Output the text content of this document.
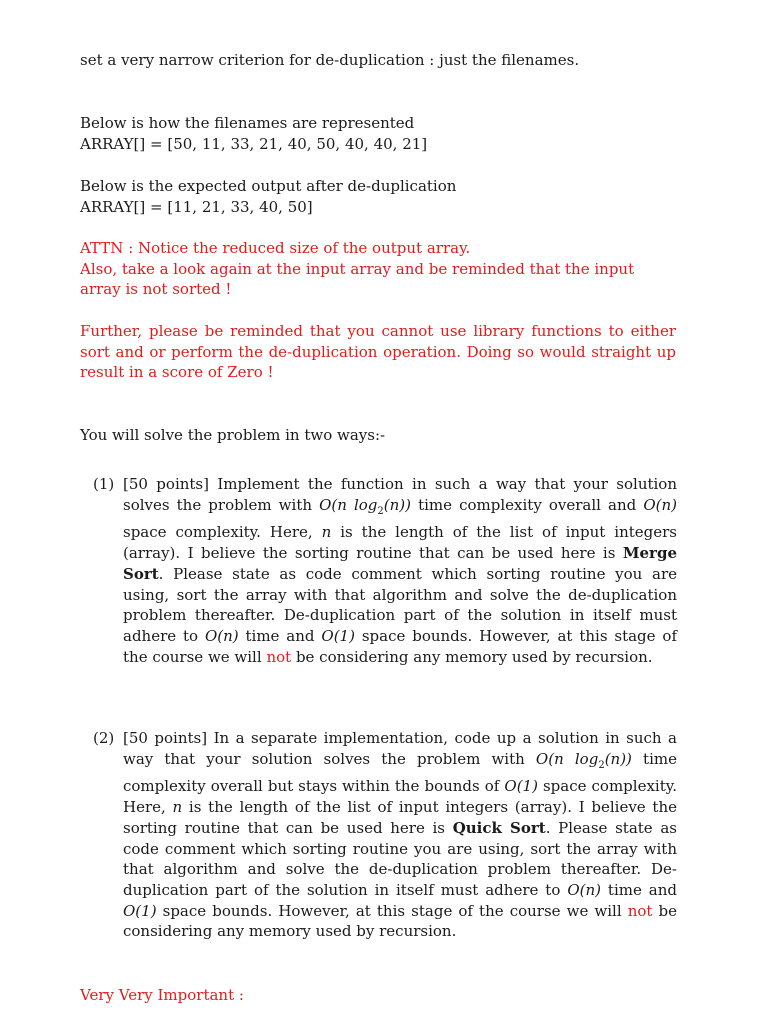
set a very narrow criterion for de-duplication : just the filenames.

Below is how the filenames are represented

ARRAY[] = [50, 11, 33, 21, 40, 50, 40, 40, 21]

Below is the expected output after de-duplication

ARRAY[] = [11, 21, 33, 40, 50]

ATTN : Notice the reduced size of the output array.

Also, take a look again at the input array and be reminded that the input array is not sorted !

Further, please be reminded that you cannot use library functions to either sort and or perform the de-duplication operation. Doing so would straight up result in a score of Zero !

You will solve the problem in two ways:-

(1) [50 points] Implement the function in such a way that your solution solves the problem with O(n $\log_2(n)$) time complexity overall and O(n) space complexity. Here, n is the length of the list of input integers (array). I believe the sorting routine that can be used here is Merge Sort. Please state as code comment which sorting routine you are using, sort the array with that algorithm and solve the de-duplication problem thereafter. De-duplication part of the solution in itself must adhere to O(n) time and O(1) space bounds. However, at this stage of the course we will not be considering any memory used by recursion.

(2) [50 points] In a separate implementation, code up a solution in such a way that your solution solves the problem with O(n $\log_2(n)$) time complexity overall but stays within the bounds of O(1) space complexity. Here, n is the length of the list of input integers (array). I believe the sorting routine that can be used here is Quick Sort. Please state as code comment which sorting routine you are using, sort the array with that algorithm and solve the de-duplication problem thereafter. De-duplication part of the solution in itself must adhere to O(n) time and O(1) space bounds. However, at this stage of the course we will not be considering any memory used by recursion.

Very Very Important :
